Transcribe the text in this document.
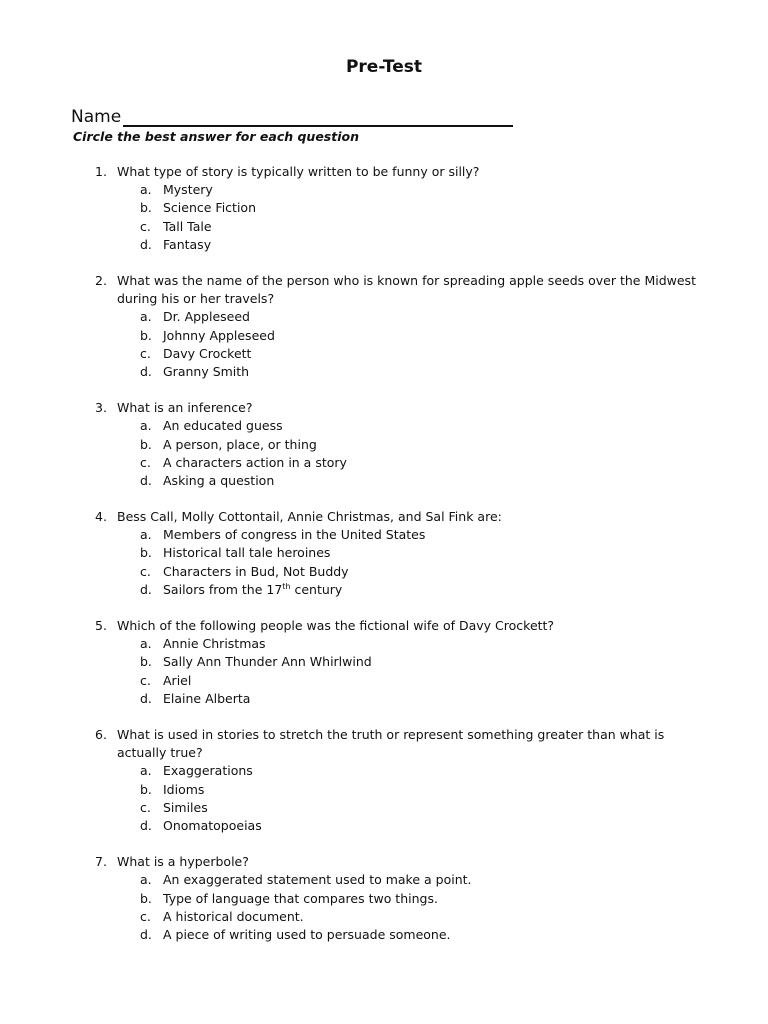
Pre-Test
Name
Circle the best answer for each question
1. What type of story is typically written to be funny or silly?
a. Mystery
b. Science Fiction
c. Tall Tale
d. Fantasy
2. What was the name of the person who is known for spreading apple seeds over the Midwest during his or her travels?
a. Dr. Appleseed
b. Johnny Appleseed
c. Davy Crockett
d. Granny Smith
3. What is an inference?
a. An educated guess
b. A person, place, or thing
c. A characters action in a story
d. Asking a question
4. Bess Call, Molly Cottontail, Annie Christmas, and Sal Fink are:
a. Members of congress in the United States
b. Historical tall tale heroines
c. Characters in Bud, Not Buddy
d. Sailors from the 17th century
5. Which of the following people was the fictional wife of Davy Crockett?
a. Annie Christmas
b. Sally Ann Thunder Ann Whirlwind
c. Ariel
d. Elaine Alberta
6. What is used in stories to stretch the truth or represent something greater than what is actually true?
a. Exaggerations
b. Idioms
c. Similes
d. Onomatopoeias
7. What is a hyperbole?
a. An exaggerated statement used to make a point.
b. Type of language that compares two things.
c. A historical document.
d. A piece of writing used to persuade someone.
